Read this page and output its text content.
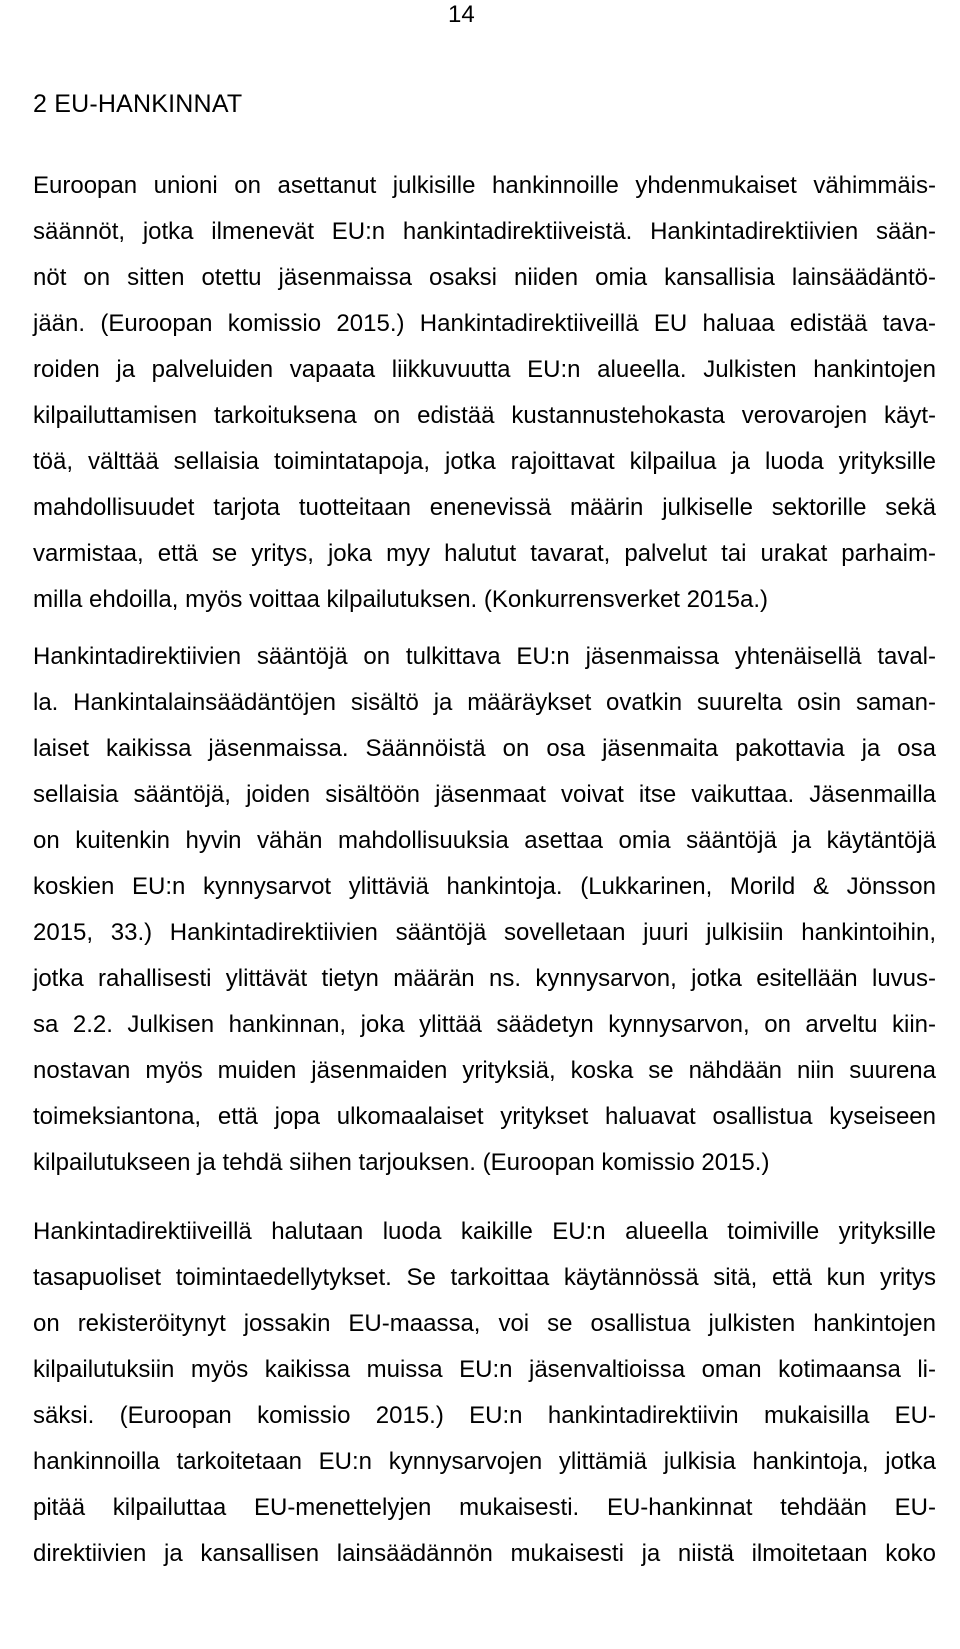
14
2 EU-HANKINNAT
Euroopan unioni on asettanut julkisille hankinnoille yhdenmukaiset vähimmäis-
säännöt, jotka ilmenevät EU:n hankintadirektiiveistä. Hankintadirektiivien sään-
nöt on sitten otettu jäsenmaissa osaksi niiden omia kansallisia lainsäädäntö-
jään. (Euroopan komissio 2015.) Hankintadirektiiveillä EU haluaa edistää tava-
roiden ja palveluiden vapaata liikkuvuutta EU:n alueella. Julkisten hankintojen
kilpailuttamisen tarkoituksena on edistää kustannustehokasta verovarojen käyt-
töä, välttää sellaisia toimintatapoja, jotka rajoittavat kilpailua ja luoda yrityksille
mahdollisuudet tarjota tuotteitaan enenevissä määrin julkiselle sektorille sekä
varmistaa, että se yritys, joka myy halutut tavarat, palvelut tai urakat parhaim-
milla ehdoilla, myös voittaa kilpailutuksen. (Konkurrensverket 2015a.)
Hankintadirektiivien sääntöjä on tulkittava EU:n jäsenmaissa yhtenäisellä taval-
la. Hankintalainsäädäntöjen sisältö ja määräykset ovatkin suurelta osin saman-
laiset kaikissa jäsenmaissa. Säännöistä on osa jäsenmaita pakottavia ja osa
sellaisia sääntöjä, joiden sisältöön jäsenmaat voivat itse vaikuttaa. Jäsenmailla
on kuitenkin hyvin vähän mahdollisuuksia asettaa omia sääntöjä ja käytäntöjä
koskien EU:n kynnysarvot ylittäviä hankintoja. (Lukkarinen, Morild & Jönsson
2015, 33.) Hankintadirektiivien sääntöjä sovelletaan juuri julkisiin hankintoihin,
jotka rahallisesti ylittävät tietyn määrän ns. kynnysarvon, jotka esitellään luvus-
sa 2.2. Julkisen hankinnan, joka ylittää säädetyn kynnysarvon, on arveltu kiin-
nostavan myös muiden jäsenmaiden yrityksiä, koska se nähdään niin suurena
toimeksiantona, että jopa ulkomaalaiset yritykset haluavat osallistua kyseiseen
kilpailutukseen ja tehdä siihen tarjouksen. (Euroopan komissio 2015.)
Hankintadirektiiveillä halutaan luoda kaikille EU:n alueella toimiville yrityksille
tasapuoliset toimintaedellytykset. Se tarkoittaa käytännössä sitä, että kun yritys
on rekisteröitynyt jossakin EU-maassa, voi se osallistua julkisten hankintojen
kilpailutuksiin myös kaikissa muissa EU:n jäsenvaltioissa oman kotimaansa li-
säksi. (Euroopan komissio 2015.) EU:n hankintadirektiivin mukaisilla EU-
hankinnoilla tarkoitetaan EU:n kynnysarvojen ylittämiä julkisia hankintoja, jotka
pitää kilpailuttaa EU-menettelyjen mukaisesti. EU-hankinnat tehdään EU-
direktiivien ja kansallisen lainsäädännön mukaisesti ja niistä ilmoitetaan koko
